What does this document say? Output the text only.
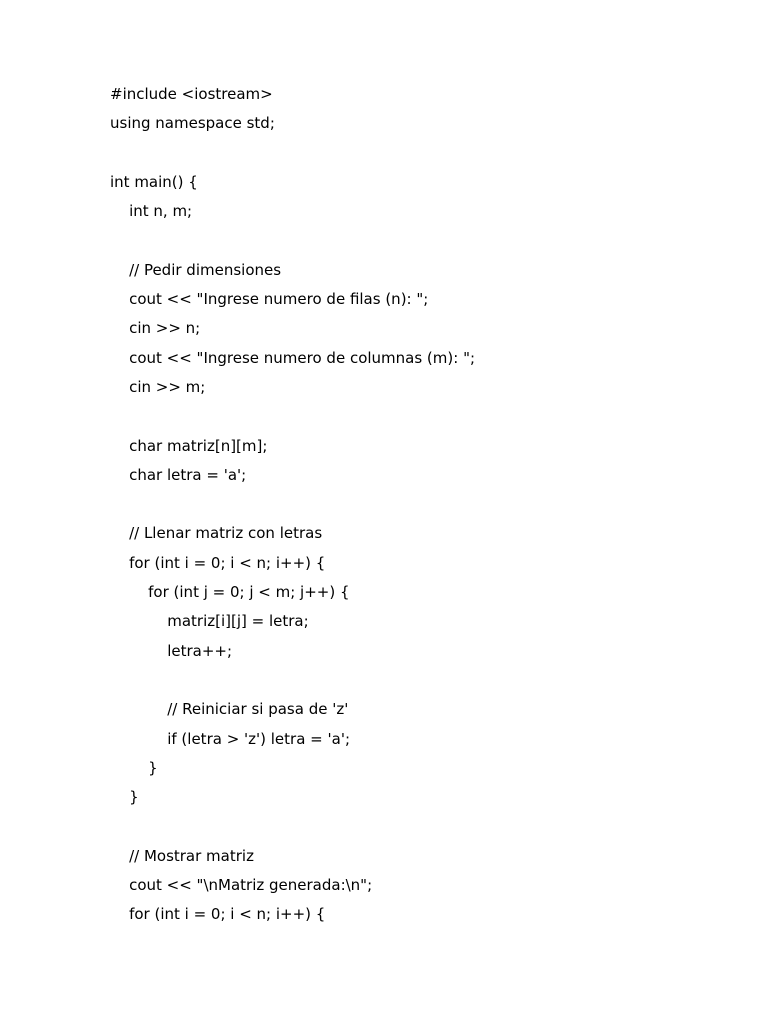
#include <iostream>
using namespace std;
int main() {
int n, m;
// Pedir dimensiones
cout << "Ingrese numero de filas (n): ";
cin >> n;
cout << "Ingrese numero de columnas (m): ";
cin >> m;
char matriz[n][m];
char letra = 'a';
// Llenar matriz con letras
for (int i = 0; i < n; i++) {
for (int j = 0; j < m; j++) {
matriz[i][j] = letra;
letra++;
// Reiniciar si pasa de 'z'
if (letra > 'z') letra = 'a';
}
}
// Mostrar matriz
cout << "\nMatriz generada:\n";
for (int i = 0; i < n; i++) {
